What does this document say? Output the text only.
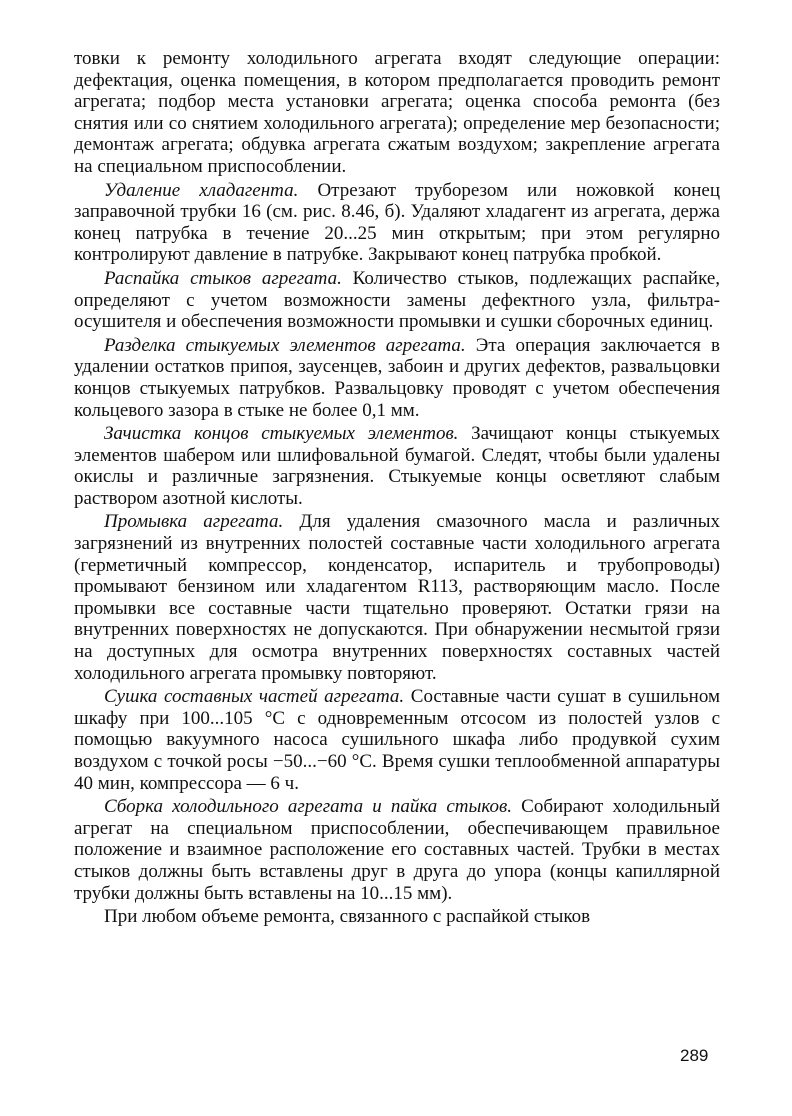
товки к ремонту холодильного агрегата входят следующие операции: дефектация, оценка помещения, в котором предполагается проводить ремонт агрегата; подбор места установки агрегата; оценка способа ремонта (без снятия или со снятием холодильного агрегата); определение мер безопасности; демонтаж агрегата; обдувка агрегата сжатым воздухом; закрепление агрегата на специальном приспособлении.

Удаление хладагента. Отрезают труборезом или ножовкой конец заправочной трубки 16 (см. рис. 8.46, б). Удаляют хладагент из агрегата, держа конец патрубка в течение 20...25 мин открытым; при этом регулярно контролируют давление в патрубке. Закрывают конец патрубка пробкой.

Распайка стыков агрегата. Количество стыков, подлежащих распайке, определяют с учетом возможности замены дефектного узла, фильтра-осушителя и обеспечения возможности промывки и сушки сборочных единиц.

Разделка стыкуемых элементов агрегата. Эта операция заключается в удалении остатков припоя, заусенцев, забоин и других дефектов, развальцовки концов стыкуемых патрубков. Развальцовку проводят с учетом обеспечения кольцевого зазора в стыке не более 0,1 мм.

Зачистка концов стыкуемых элементов. Зачищают концы стыкуемых элементов шабером или шлифовальной бумагой. Следят, чтобы были удалены окислы и различные загрязнения. Стыкуемые концы осветляют слабым раствором азотной кислоты.

Промывка агрегата. Для удаления смазочного масла и различных загрязнений из внутренних полостей составные части холодильного агрегата (герметичный компрессор, конденсатор, испаритель и трубопроводы) промывают бензином или хладагентом R113, растворяющим масло. После промывки все составные части тщательно проверяют. Остатки грязи на внутренних поверхностях не допускаются. При обнаружении несмытой грязи на доступных для осмотра внутренних поверхностях составных частей холодильного агрегата промывку повторяют.

Сушка составных частей агрегата. Составные части сушат в сушильном шкафу при 100...105 °С с одновременным отсосом из полостей узлов с помощью вакуумного насоса сушильного шкафа либо продувкой сухим воздухом с точкой росы −50...−60 °С. Время сушки теплообменной аппаратуры 40 мин, компрессора — 6 ч.

Сборка холодильного агрегата и пайка стыков. Собирают холодильный агрегат на специальном приспособлении, обеспечивающем правильное положение и взаимное расположение его составных частей. Трубки в местах стыков должны быть вставлены друг в друга до упора (концы капиллярной трубки должны быть вставлены на 10...15 мм).

При любом объеме ремонта, связанного с распайкой стыков

289
